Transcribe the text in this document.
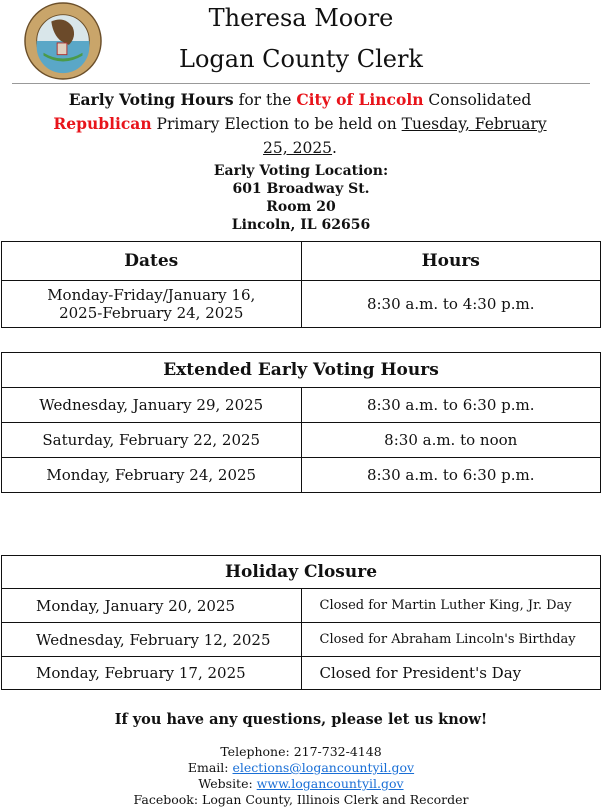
Theresa Moore
Logan County Clerk
Early Voting Hours for the City of Lincoln Consolidated Republican Primary Election to be held on Tuesday, February 25, 2025.
Early Voting Location:
601 Broadway St.
Room 20
Lincoln, IL 62656
Dates	Hours
Monday-Friday/January 16, 2025-February 24, 2025	8:30 a.m. to 4:30 p.m.
Extended Early Voting Hours	
Wednesday, January 29, 2025	8:30 a.m. to 6:30 p.m.
Saturday, February 22, 2025	8:30 a.m. to noon
Monday, February 24, 2025	8:30 a.m. to 6:30 p.m.
Holiday Closure	
Monday, January 20, 2025	Closed for Martin Luther King, Jr. Day
Wednesday, February 12, 2025	Closed for Abraham Lincoln's Birthday
Monday, February 17, 2025	Closed for President's Day
If you have any questions, please let us know!
Telephone: 217-732-4148
Email: elections@logancountyil.gov
Website: www.logancountyil.gov
Facebook: Logan County, Illinois Clerk and Recorder
